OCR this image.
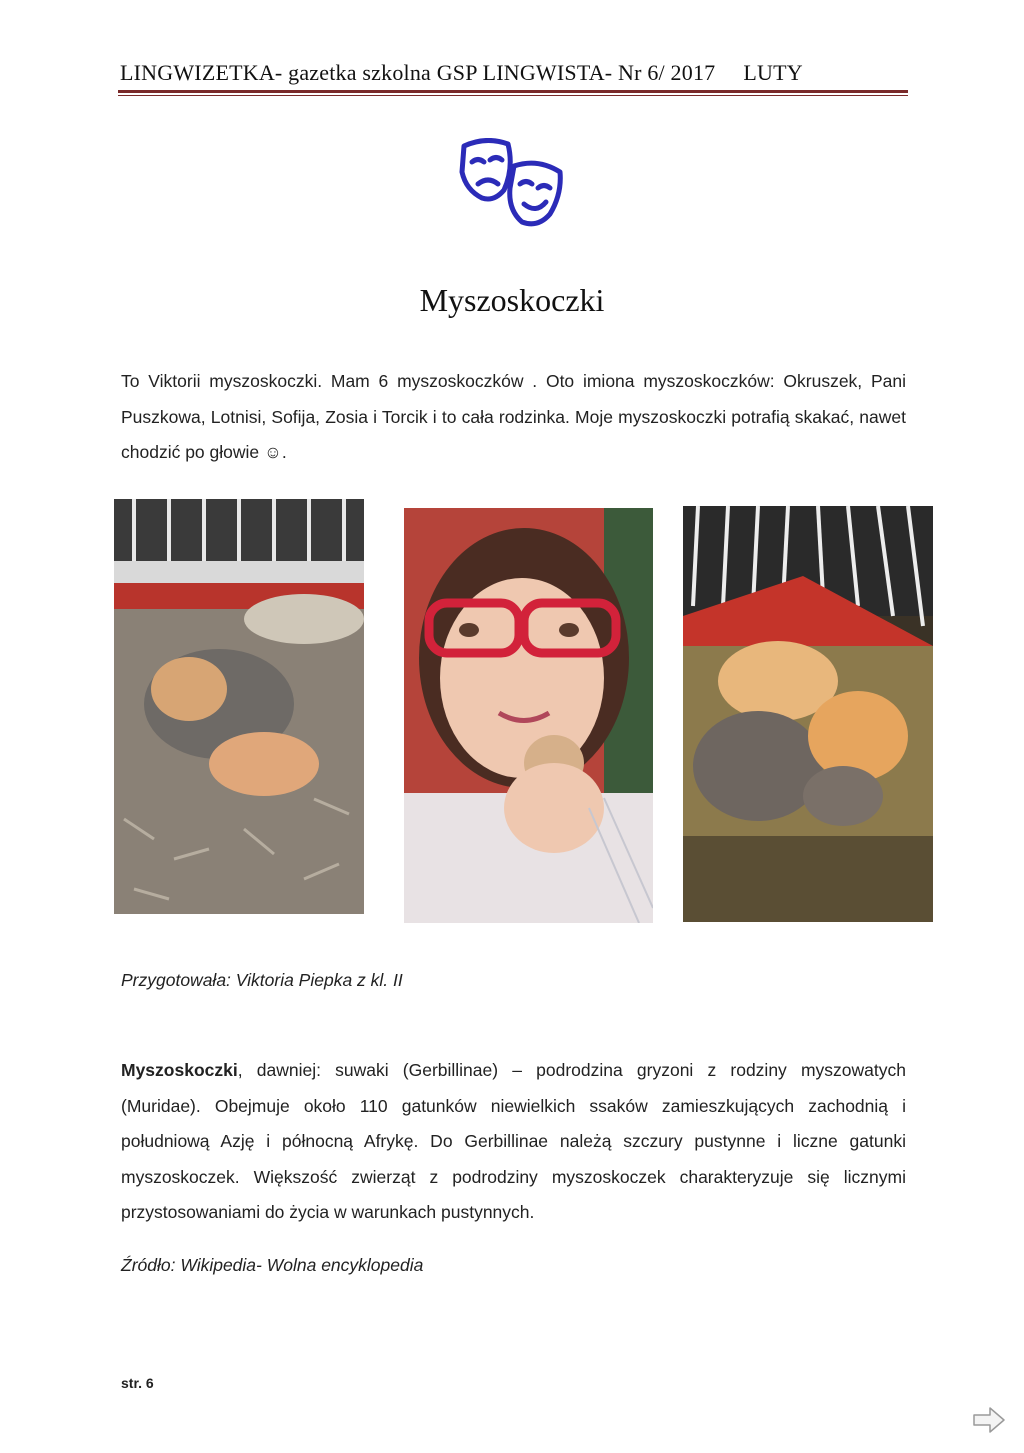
LINGWIZETKA- gazetka szkolna GSP LINGWISTA- Nr 6/ 2017 LUTY
Myszoskoczki
To Viktorii myszoskoczki. Mam 6 myszoskoczków . Oto imiona myszoskoczków: Okruszek, Pani Puszkowa, Lotnisi, Sofija, Zosia i Torcik i to cała rodzinka. Moje myszoskoczki potrafią skakać, nawet chodzić po głowie ☺.
Przygotowała: Viktoria Piepka z kl. II
Myszoskoczki, dawniej: suwaki (Gerbillinae) – podrodzina gryzoni z rodziny myszowatych (Muridae). Obejmuje około 110 gatunków niewielkich ssaków zamieszkujących zachodnią i południową Azję i północną Afrykę. Do Gerbillinae należą szczury pustynne i liczne gatunki myszoskoczek. Większość zwierząt z podrodziny myszoskoczek charakteryzuje się licznymi przystosowaniami do życia w warunkach pustynnych.
Źródło: Wikipedia- Wolna encyklopedia
str. 6
